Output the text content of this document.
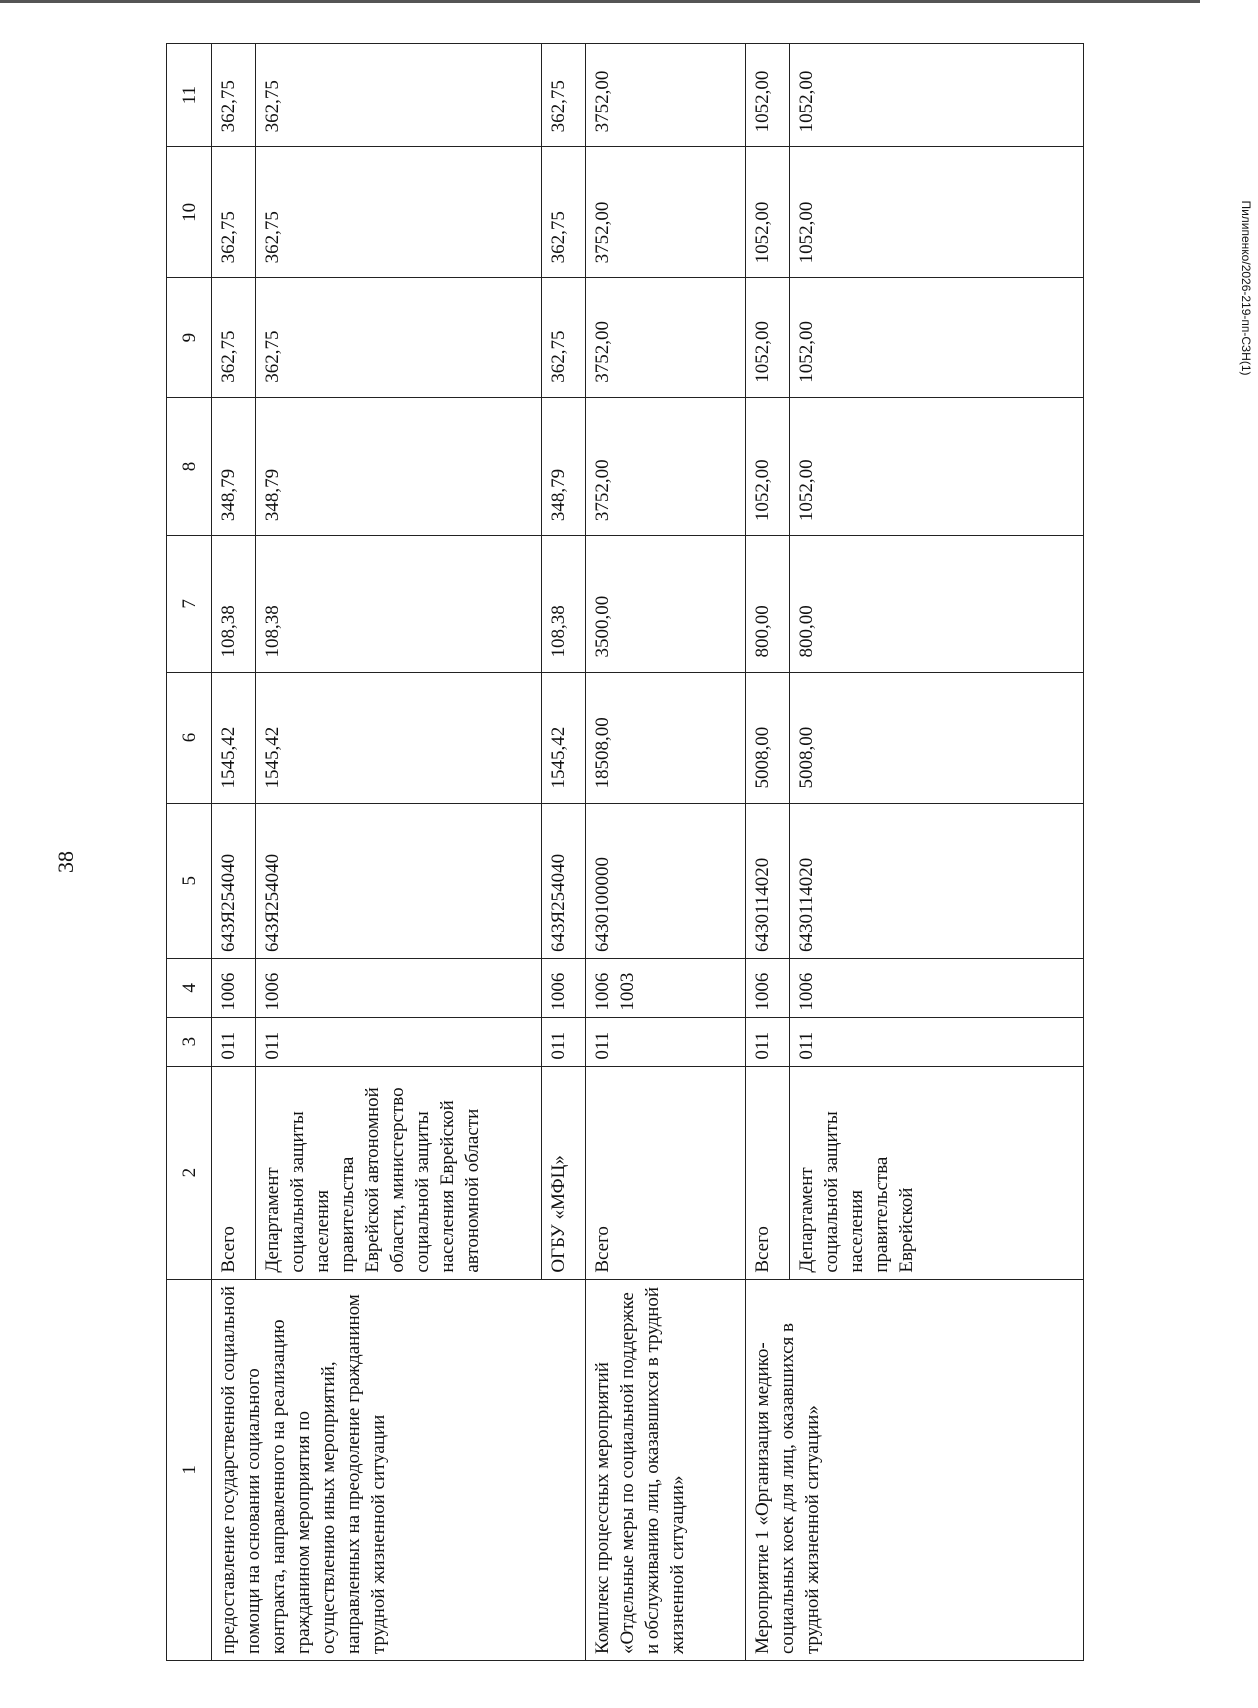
38
Пилипенко/2026-219-пп-СЗН(1)
1	2	3	4	5	6	7	8	9	10	11
предоставление государственной социальной помощи на основании социального контракта, направленного на реализацию гражданином мероприятия по осуществлению иных мероприятий, направленных на преодоление гражданином трудной жизненной ситуации	Всего	011	1006	643Я254040	1545,42	108,38	348,79	362,75	362,75	362,75
	Департамент социальной защиты населения правительства Еврейской автономной области, министерство социальной защиты населения Еврейской автономной области	011	1006	643Я254040	1545,42	108,38	348,79	362,75	362,75	362,75
	ОГБУ «МФЦ»	011	1006	643Я254040	1545,42	108,38	348,79	362,75	362,75	362,75
Комплекс процессных мероприятий «Отдельные меры по социальной поддержке и обслуживанию лиц, оказавшихся в трудной жизненной ситуации»	Всего	011	1006 1003	6430100000	18508,00	3500,00	3752,00	3752,00	3752,00	3752,00
Мероприятие 1 «Организация медико-социальных коек для лиц, оказавшихся в трудной жизненной ситуации»	Всего	011	1006	6430114020	5008,00	800,00	1052,00	1052,00	1052,00	1052,00
	Департамент социальной защиты населения правительства Еврейской	011	1006	6430114020	5008,00	800,00	1052,00	1052,00	1052,00	1052,00
